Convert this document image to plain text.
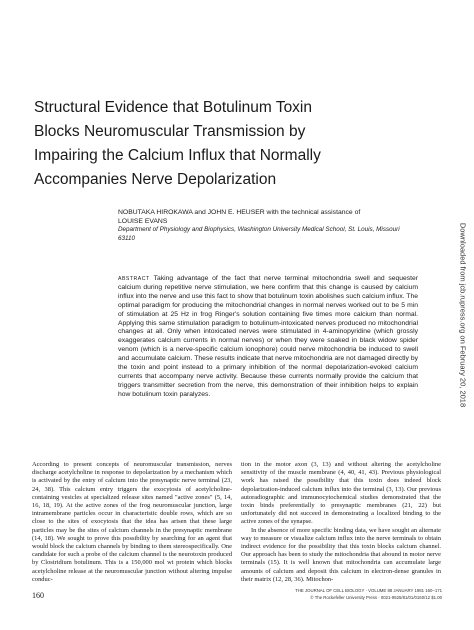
Structural Evidence that Botulinum Toxin
Blocks Neuromuscular Transmission by
Impairing the Calcium Influx that Normally
Accompanies Nerve Depolarization
NOBUTAKA HIROKAWA and JOHN E. HEUSER with the technical assistance of
LOUISE EVANS
Department of Physiology and Biophysics, Washington University Medical School, St. Louis, Missouri
63110
ABSTRACT Taking advantage of the fact that nerve terminal mitochondria swell and sequester calcium during repetitive nerve stimulation, we here confirm that this change is caused by calcium influx into the nerve and use this fact to show that botulinum toxin abolishes such calcium influx. The optimal paradigm for producing the mitochondrial changes in normal nerves worked out to be 5 min of stimulation at 25 Hz in frog Ringer's solution containing five times more calcium than normal. Applying this same stimulation paradigm to botulinum-intoxicated nerves produced no mitochondrial changes at all. Only when intoxicated nerves were stimulated in 4-aminopyridine (which grossly exaggerates calcium currents in normal nerves) or when they were soaked in black widow spider venom (which is a nerve-specific calcium ionophore) could nerve mitochondria be induced to swell and accumulate calcium. These results indicate that nerve mitochondria are not damaged directly by the toxin and point instead to a primary inhibition of the normal depolarization-evoked calcium currents that accompany nerve activity. Because these currents normally provide the calcium that triggers transmitter secretion from the nerve, this demonstration of their inhibition helps to explain how botulinum toxin paralyzes.

According to present concepts of neuromuscular transmission, nerves discharge acetylcholine in response to depolarization by a mechanism which is activated by the entry of calcium into the presynaptic nerve terminal (23, 24, 38). This calcium entry triggers the exocytosis of acetylcholine-containing vesicles at specialized release sites named "active zones" (5, 14, 16, 18, 19). At the active zones of the frog neuromuscular junction, large intramembrane particles occur in characteristic double rows, which are so close to the sites of exocytosis that the idea has arisen that these large particles may be the sites of calcium channels in the presynaptic membrane (14, 18). We sought to prove this possibility by searching for an agent that would block the calcium channels by binding to them stereospecifically. One candidate for such a probe of the calcium channel is the neurotoxin produced by Clostridium botulinum. This is a 150,000 mol wt protein which blocks acetylcholine release at the neuromuscular junction without altering impulse conduc-

tion in the motor axon (3, 13) and without altering the acetylcholine sensitivity of the muscle membrane (4, 40, 41, 43). Previous physiological work has raised the possibility that this toxin does indeed block depolarization-induced calcium influx into the terminal (3, 13). Our previous autoradiographic and immunocytochemical studies demonstrated that the toxin binds preferentially to presynaptic membranes (21, 22) but unfortunately did not succeed in demonstrating a localized binding to the active zones of the synapse.

In the absence of more specific binding data, we have sought an alternate way to measure or visualize calcium influx into the nerve terminals to obtain indirect evidence for the possibility that this toxin blocks calcium channel. Our approach has been to study the mitochondria that abound in motor nerve terminals (15). It is well known that mitochondria can accumulate large amounts of calcium and deposit this calcium in electron-dense granules in their matrix (12, 28, 36). Mitochon-

160
THE JOURNAL OF CELL BIOLOGY · VOLUME 88 JANUARY 1981 160–171
© The Rockefeller University Press · 0021-9525/81/01/0160/12 $1.00
Downloaded from jcb.rupress.org on February 20, 2018
